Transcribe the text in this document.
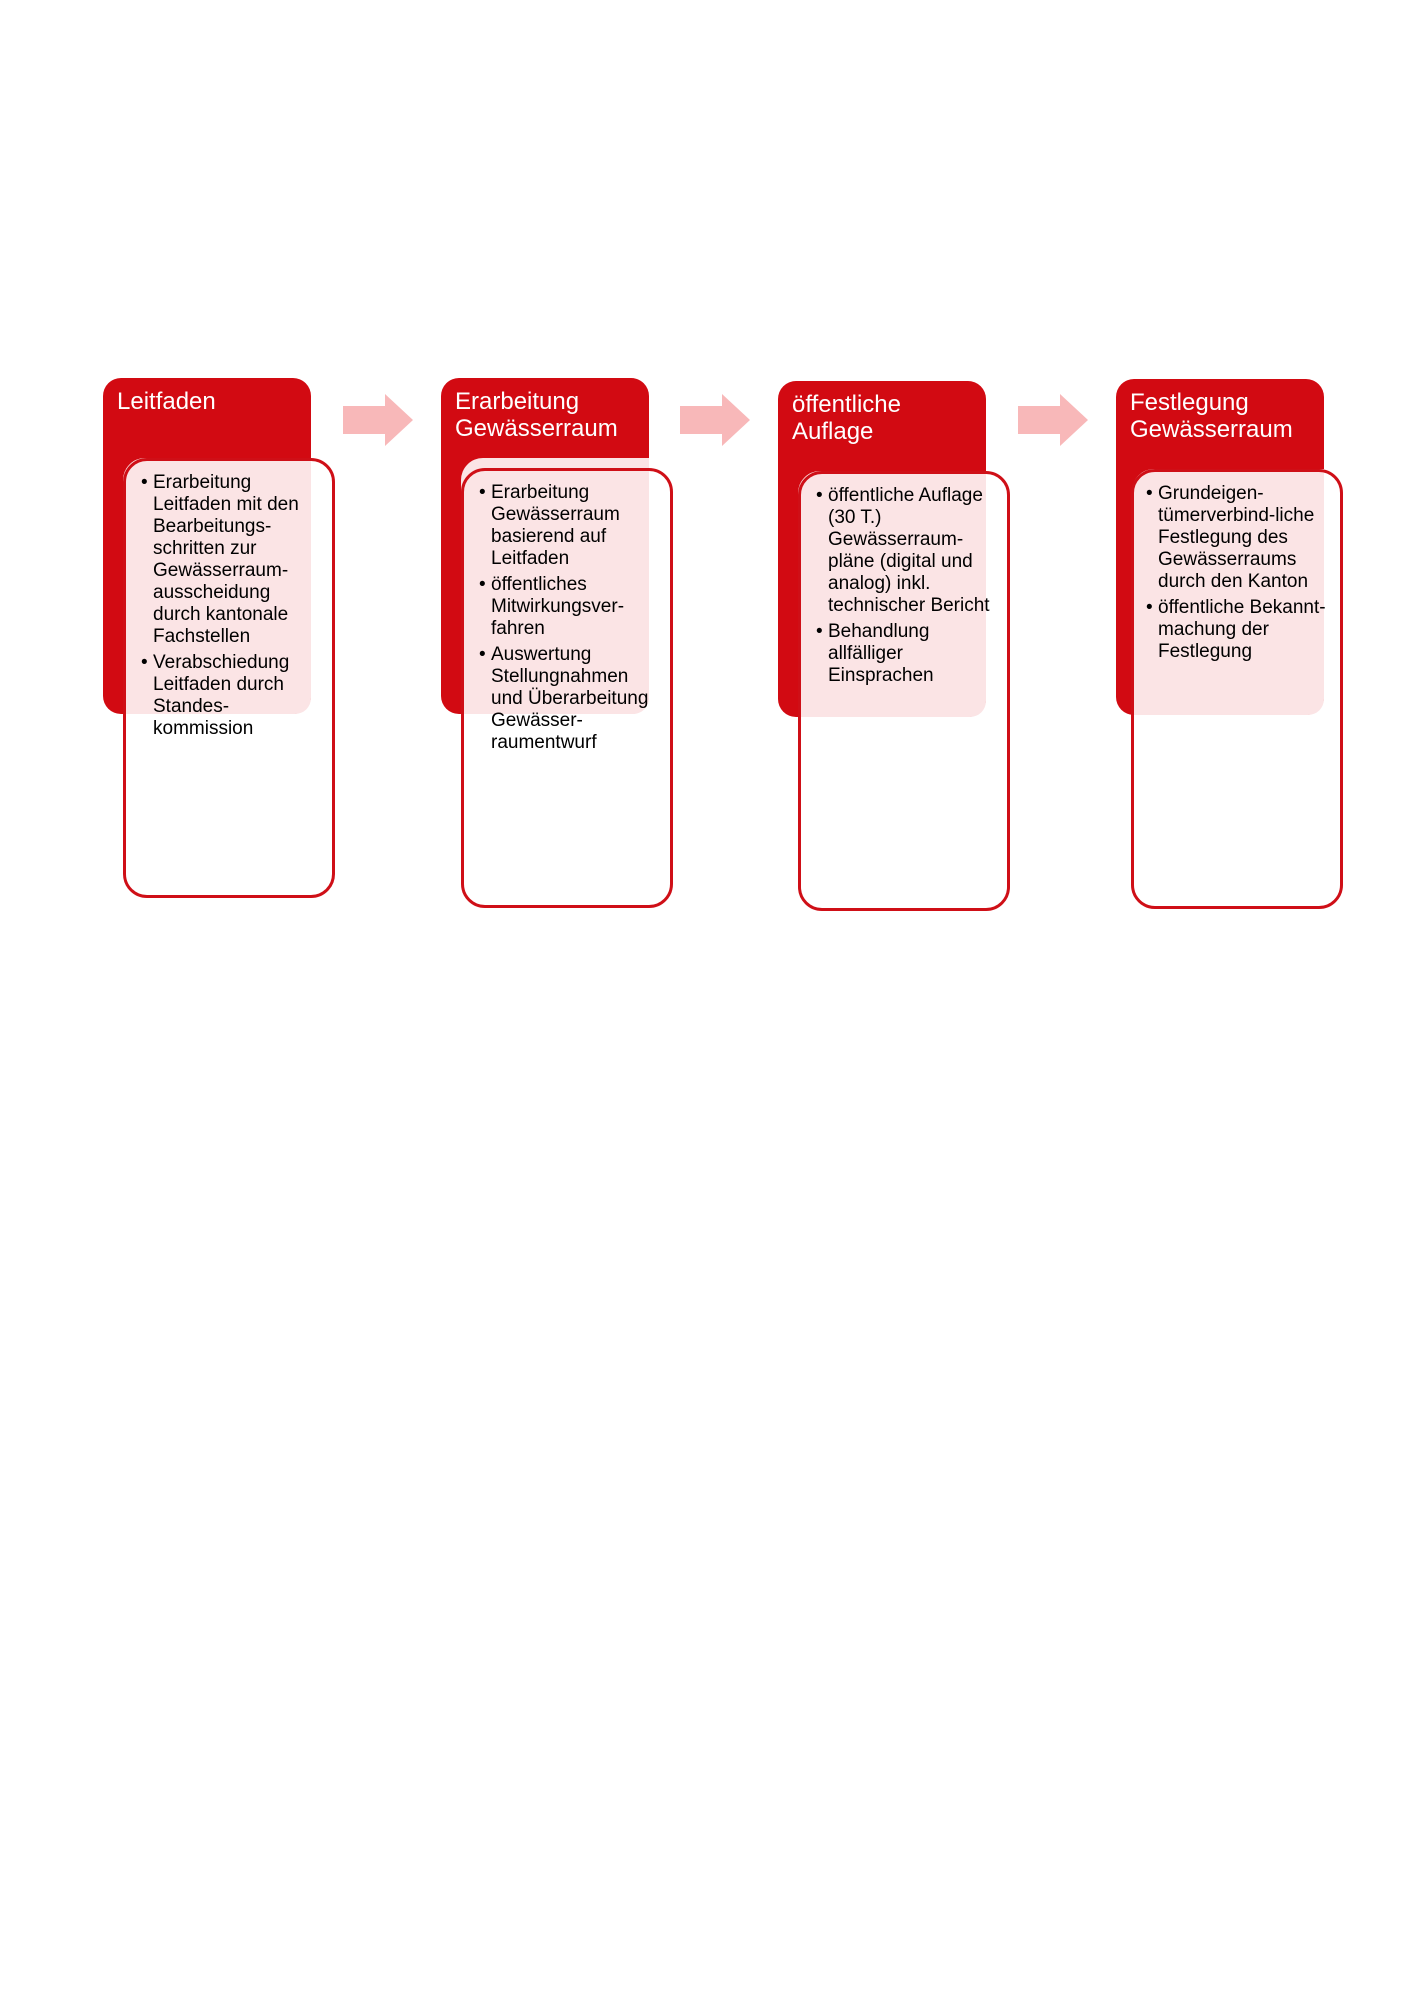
Leitfaden
• Erarbeitung Leitfaden mit den Bearbeitungs-schritten zur Gewässerraum-ausscheidung durch kantonale Fachstellen
• Verabschiedung Leitfaden durch Standes-kommission
Erarbeitung Gewässerraum
• Erarbeitung Gewässerraum basierend auf Leitfaden
• öffentliches Mitwirkungsver-fahren
• Auswertung Stellungnahmen und Überarbeitung Gewässer-raumentwurf
öffentliche Auflage
• öffentliche Auflage (30 T.) Gewässerraum-pläne (digital und analog) inkl. technischer Bericht
• Behandlung allfälliger Einsprachen
Festlegung Gewässerraum
• Grundeigen-tümerverbind-liche Festlegung des Gewässerraums durch den Kanton
• öffentliche Bekannt-machung der Festlegung
